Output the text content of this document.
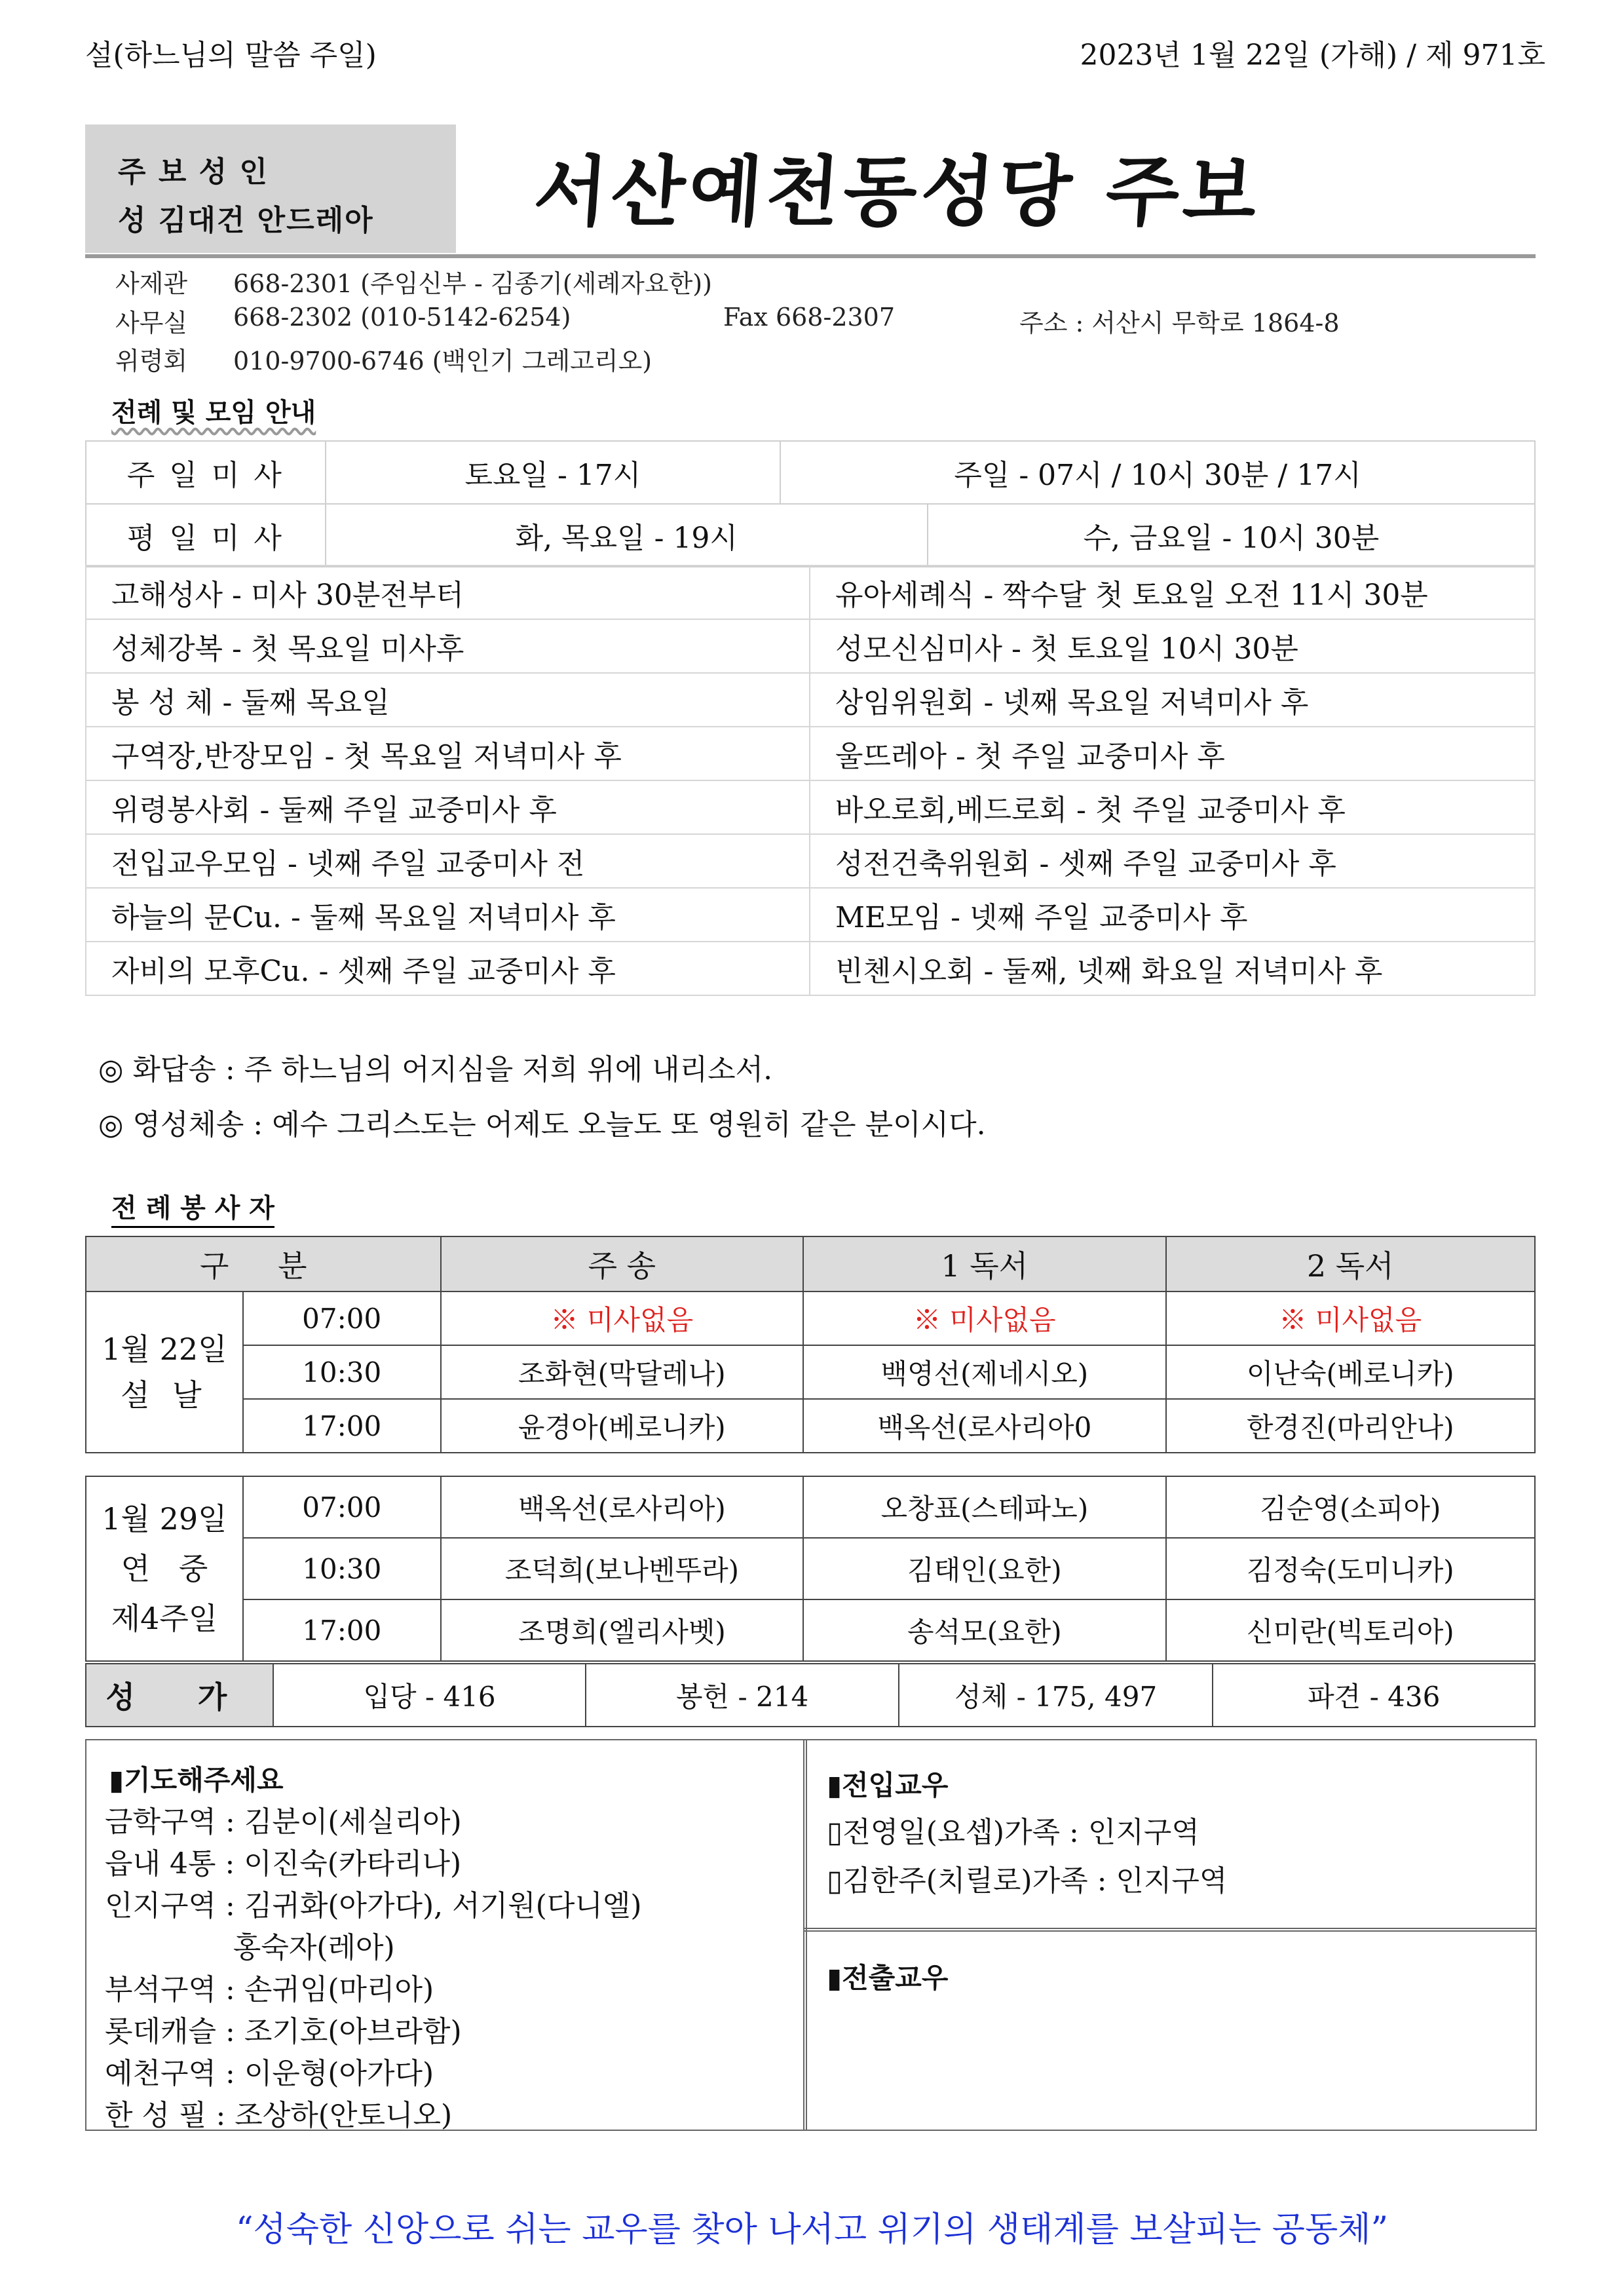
설(하느님의 말씀 주일)	2023년 1월 22일 (가해) / 제 971호
주 보 성 인
성 김대건 안드레아	서산예천동성당 주보
사제관 668-2301 (주임신부 - 김종기(세례자요한))
사무실 668-2302 (010-5142-6254)	Fax 668-2307	주소 : 서산시 무학로 1864-8
위령회 010-9700-6746 (백인기 그레고리오)
전례 및 모임 안내
주 일 미 사	토요일 - 17시	주일 - 07시 / 10시 30분 / 17시	
평 일 미 사	화, 목요일 - 19시		수, 금요일 - 10시 30분
고해성사 - 미사 30분전부터	유아세례식 - 짝수달 첫 토요일 오전 11시 30분
성체강복 - 첫 목요일 미사후	성모신심미사 - 첫 토요일 10시 30분
봉 성 체 - 둘째 목요일	상임위원회 - 넷째 목요일 저녁미사 후
구역장,반장모임 - 첫 목요일 저녁미사 후	울뜨레아 - 첫 주일 교중미사 후
위령봉사회 - 둘째 주일 교중미사 후	바오로회,베드로회 - 첫 주일 교중미사 후
전입교우모임 - 넷째 주일 교중미사 전	성전건축위원회 - 셋째 주일 교중미사 후
하늘의 문Cu. - 둘째 목요일 저녁미사 후	ME모임 - 넷째 주일 교중미사 후
자비의 모후Cu. - 셋째 주일 교중미사 후	빈첸시오회 - 둘째, 넷째 화요일 저녁미사 후
◎ 화답송 : 주 하느님의 어지심을 저희 위에 내리소서.
◎ 영성체송 : 예수 그리스도는 어제도 오늘도 또 영원히 같은 분이시다.
전 례 봉 사 자
구 분		주 송	1 독서	2 독서

1월 22일
설 날	07:00	※ 미사없음	※ 미사없음	※ 미사없음
	10:30	조화현(막달레나)	백영선(제네시오)	이난숙(베로니카)
	17:00	윤경아(베로니카)	백옥선(로사리아0	한경진(마리안나)
1월 29일
연   중
제4주일	07:00	백옥선(로사리아)	오창표(스테파노)	김순영(소피아)
	10:30	조덕희(보나벤뚜라)	김태인(요한)	김정숙(도미니카)
	17:00	조명희(엘리사벳)	송석모(요한)	신미란(빅토리아)
성 가	입당 - 416	봉헌 - 214	성체 - 175, 497	파견 - 436
▮기도해주세요
금학구역 : 김분이(세실리아)
읍내 4통 : 이진숙(카타리나)
인지구역 : 김귀화(아가다), 서기원(다니엘)
홍숙자(레아)
부석구역 : 손귀임(마리아)
롯데캐슬 : 조기호(아브라함)
예천구역 : 이운형(아가다)
한 성 필 : 조상하(안토니오)
▮전입교우
▯전영일(요셉)가족 : 인지구역
▯김한주(치릴로)가족 : 인지구역
▮전출교우
“성숙한 신앙으로 쉬는 교우를 찾아 나서고 위기의 생태계를 보살피는 공동체”
